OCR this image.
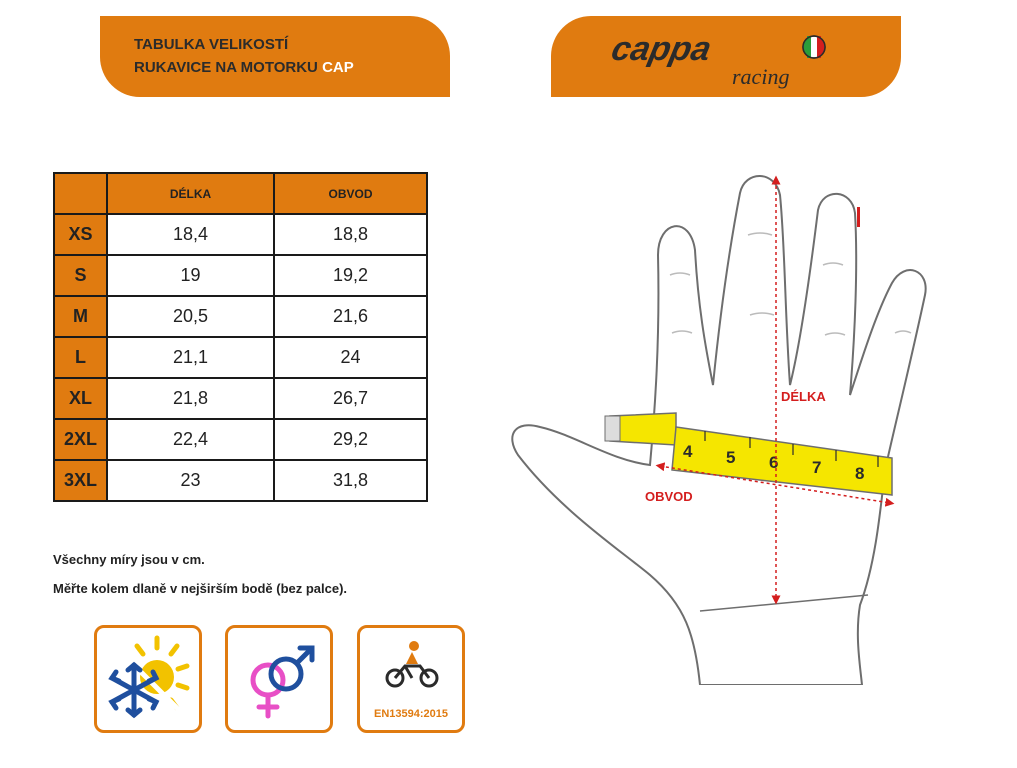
TABULKA VELIKOSTÍ
RUKAVICE NA MOTORKU CAP	cappa
racing
	DÉLKA	OBVOD
XS	18,4	18,8
S	19	19,2
M	20,5	21,6
L	21,1	24
XL	21,8	26,7
2XL	22,4	29,2
3XL	23	31,8
Všechny míry jsou v cm.
Měřte kolem dlaně v nejširším bodě (bez palce).
EN13594:2015
4 5 6 7 8
DÉLKA
OBVOD
